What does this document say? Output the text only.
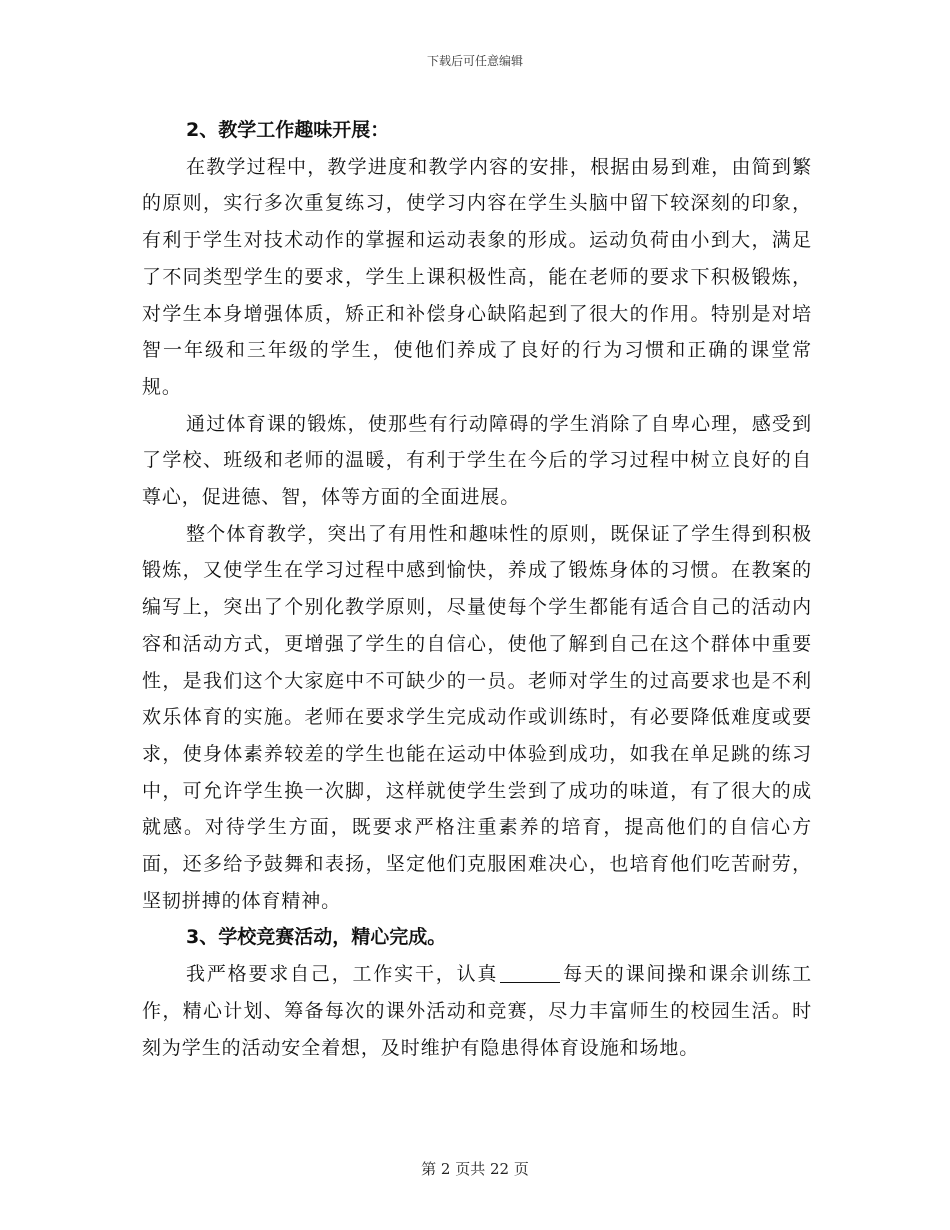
下载后可任意编辑

2、教学工作趣味开展：

在教学过程中，教学进度和教学内容的安排，根据由易到难，由简到繁的原则，实行多次重复练习，使学习内容在学生头脑中留下较深刻的印象，有利于学生对技术动作的掌握和运动表象的形成。运动负荷由小到大，满足了不同类型学生的要求，学生上课积极性高，能在老师的要求下积极锻炼，对学生本身增强体质，矫正和补偿身心缺陷起到了很大的作用。特别是对培智一年级和三年级的学生，使他们养成了良好的行为习惯和正确的课堂常规。

通过体育课的锻炼，使那些有行动障碍的学生消除了自卑心理，感受到了学校、班级和老师的温暖，有利于学生在今后的学习过程中树立良好的自尊心，促进德、智，体等方面的全面进展。

整个体育教学，突出了有用性和趣味性的原则，既保证了学生得到积极锻炼，又使学生在学习过程中感到愉快，养成了锻炼身体的习惯。在教案的编写上，突出了个别化教学原则，尽量使每个学生都能有适合自己的活动内容和活动方式，更增强了学生的自信心，使他了解到自己在这个群体中重要性，是我们这个大家庭中不可缺少的一员。老师对学生的过高要求也是不利欢乐体育的实施。老师在要求学生完成动作或训练时，有必要降低难度或要求，使身体素养较差的学生也能在运动中体验到成功，如我在单足跳的练习中，可允许学生换一次脚，这样就使学生尝到了成功的味道，有了很大的成就感。对待学生方面，既要求严格注重素养的培育，提高他们的自信心方面，还多给予鼓舞和表扬，坚定他们克服困难决心，也培育他们吃苦耐劳，坚韧拼搏的体育精神。

3、学校竞赛活动，精心完成。

我严格要求自己，工作实干，认真	每天的课间操和课余训练工作，精心计划、筹备每次的课外活动和竞赛，尽力丰富师生的校园生活。时刻为学生的活动安全着想，及时维护有隐患得体育设施和场地。

第 2 页共 22 页
